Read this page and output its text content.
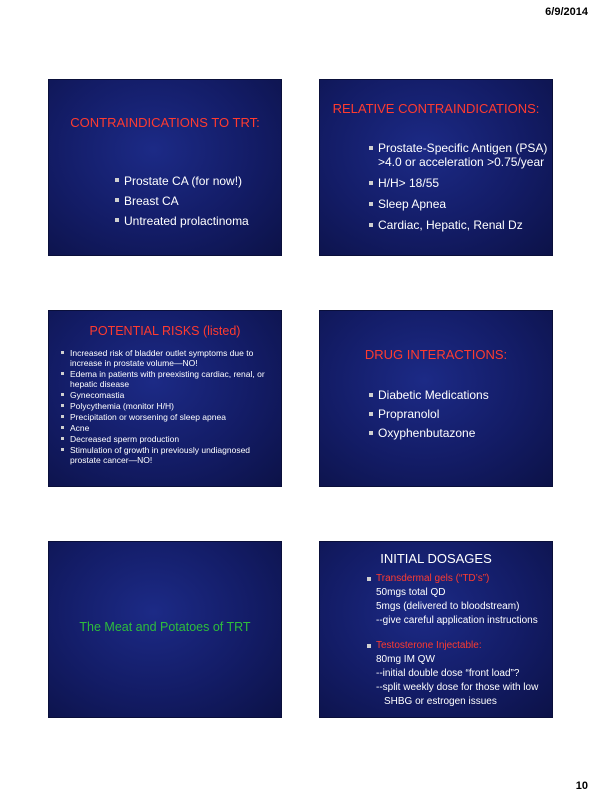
6/9/2014

CONTRAINDICATIONS TO TRT:

Prostate CA (for now!)
Breast CA
Untreated prolactinoma

RELATIVE CONTRAINDICATIONS:

Prostate-Specific Antigen (PSA) >4.0 or acceleration >0.75/year
H/H> 18/55
Sleep Apnea
Cardiac, Hepatic, Renal Dz

POTENTIAL RISKS (listed)

Increased risk of bladder outlet symptoms due to increase in prostate volume—NO!
Edema in patients with preexisting cardiac, renal, or hepatic disease
Gynecomastia
Polycythemia (monitor H/H)
Precipitation or worsening of sleep apnea
Acne
Decreased sperm production
Stimulation of growth in previously undiagnosed prostate cancer—NO!

DRUG INTERACTIONS:

Diabetic Medications
Propranolol
Oxyphenbutazone
The Meat and Potatoes of TRT
INITIAL DOSAGES
Transdermal gels (“TD’s”)
50mgs total QD
5mgs (delivered to bloodstream)
--give careful application instructions
Testosterone Injectable:
80mg IM QW
--initial double dose “front load”?
--split weekly dose for those with low
SHBG or estrogen issues
10
